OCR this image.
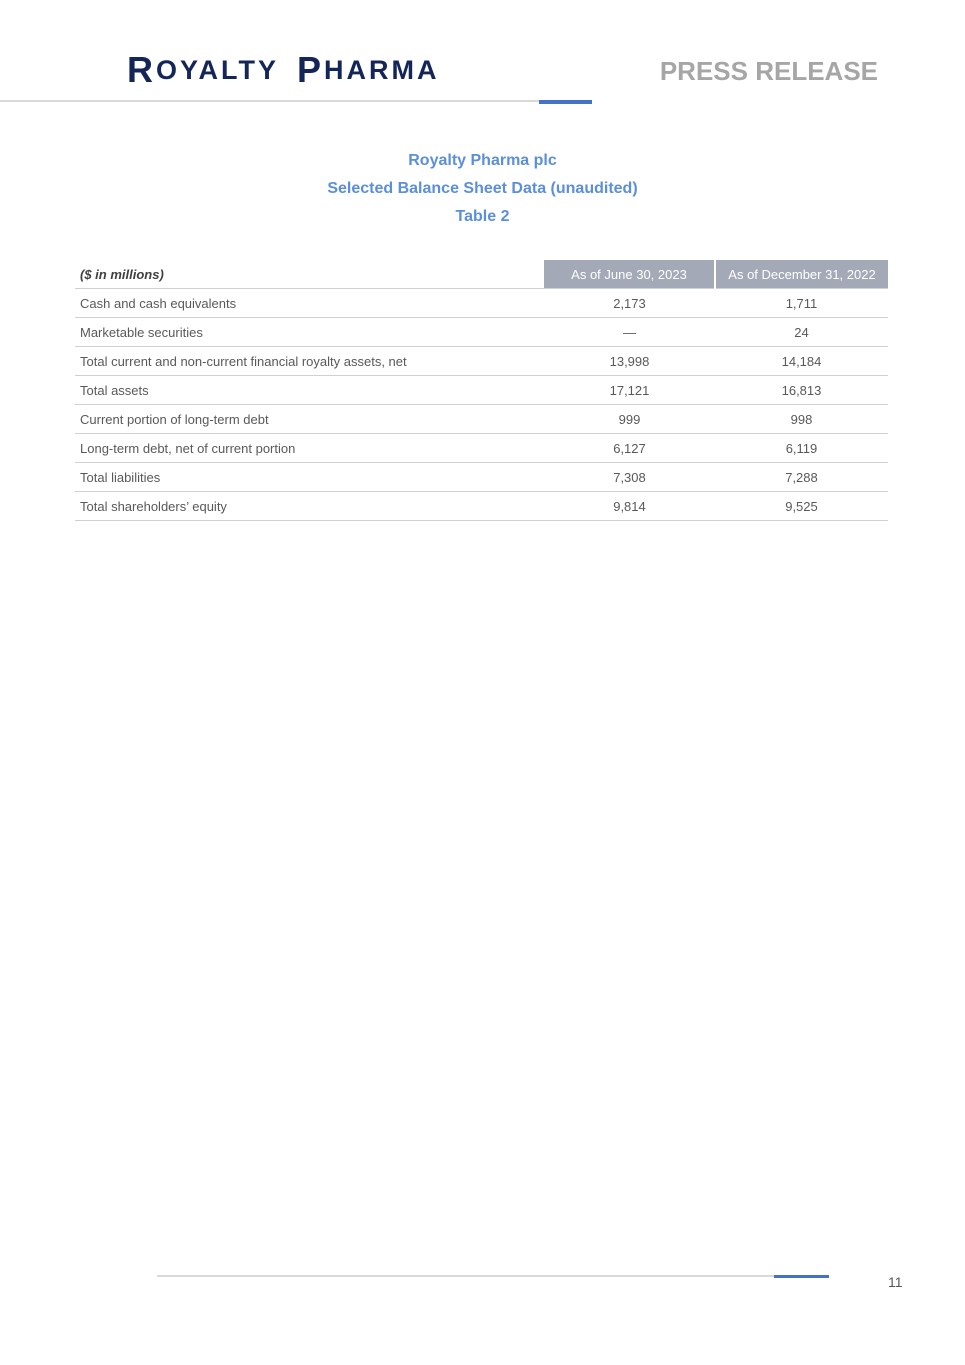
R OYALTY P HARMA	PRESS RELEASE
Royalty Pharma plc
Selected Balance Sheet Data (unaudited)
Table 2
($ in millions)	As of June 30, 2023	As of December 31, 2022
Cash and cash equivalents	2,173	1,711
Marketable securities	—	24
Total current and non-current financial royalty assets, net	13,998	14,184
Total assets	17,121	16,813
Current portion of long-term debt	999	998
Long-term debt, net of current portion	6,127	6,119
Total liabilities	7,308	7,288
Total shareholders’ equity	9,814	9,525
11
